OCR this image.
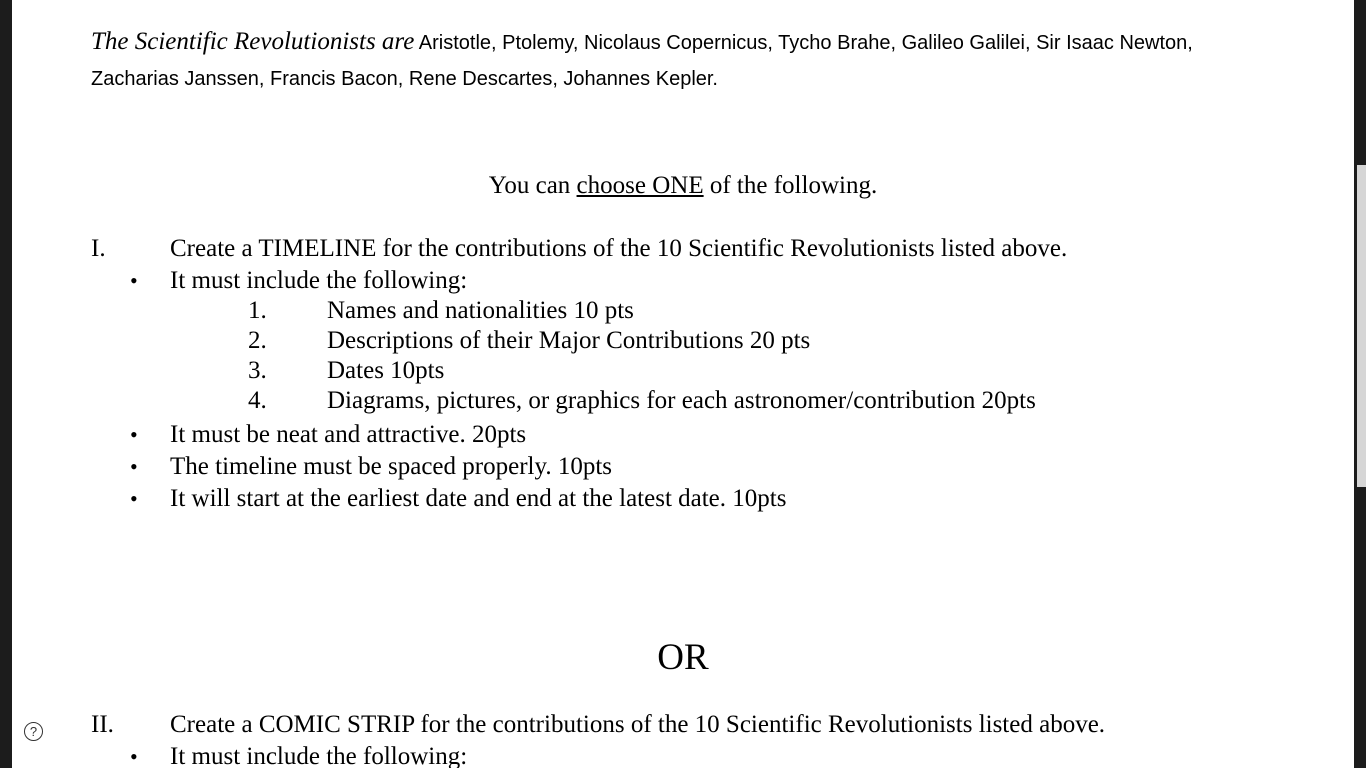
The Scientific Revolutionists are Aristotle, Ptolemy, Nicolaus Copernicus, Tycho Brahe, Galileo Galilei, Sir Isaac Newton, Zacharias Janssen, Francis Bacon, Rene Descartes, Johannes Kepler.
You can choose ONE of the following.
I.	Create a TIMELINE for the contributions of the 10 Scientific Revolutionists listed above.
• It must include the following:
1. Names and nationalities 10 pts
2. Descriptions of their Major Contributions 20 pts
3. Dates 10pts
4. Diagrams, pictures, or graphics for each astronomer/contribution 20pts
• It must be neat and attractive. 20pts
• The timeline must be spaced properly. 10pts
• It will start at the earliest date and end at the latest date. 10pts
OR
II. Create a COMIC STRIP for the contributions of the 10 Scientific Revolutionists listed above.
• It must include the following:
?
